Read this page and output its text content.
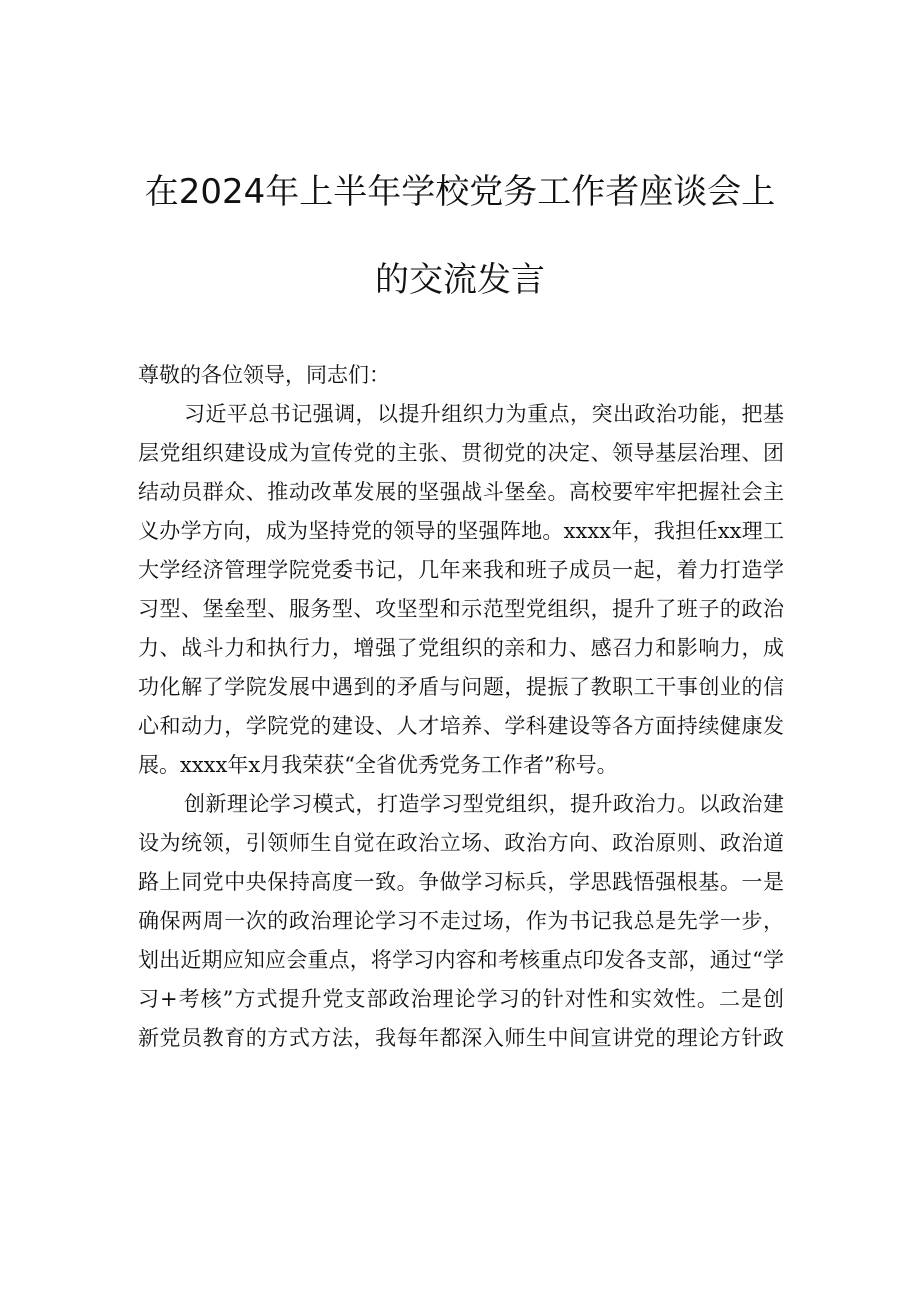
在2024年上半年学校党务工作者座谈会上
的交流发言
尊敬的各位领导，同志们：
习近平总书记强调，以提升组织力为重点，突出政治功能，把基
层党组织建设成为宣传党的主张、贯彻党的决定、领导基层治理、团
结动员群众、推动改革发展的坚强战斗堡垒。高校要牢牢把握社会主
义办学方向，成为坚持党的领导的坚强阵地。xxxx年，我担任xx理工
大学经济管理学院党委书记，几年来我和班子成员一起，着力打造学
习型、堡垒型、服务型、攻坚型和示范型党组织，提升了班子的政治
力、战斗力和执行力，增强了党组织的亲和力、感召力和影响力，成
功化解了学院发展中遇到的矛盾与问题，提振了教职工干事创业的信
心和动力，学院党的建设、人才培养、学科建设等各方面持续健康发
展。xxxx年x月我荣获“全省优秀党务工作者”称号。
创新理论学习模式，打造学习型党组织，提升政治力。以政治建
设为统领，引领师生自觉在政治立场、政治方向、政治原则、政治道
路上同党中央保持高度一致。争做学习标兵，学思践悟强根基。一是
确保两周一次的政治理论学习不走过场，作为书记我总是先学一步，
划出近期应知应会重点，将学习内容和考核重点印发各支部，通过“学
习+考核”方式提升党支部政治理论学习的针对性和实效性。二是创
新党员教育的方式方法，我每年都深入师生中间宣讲党的理论方针政
